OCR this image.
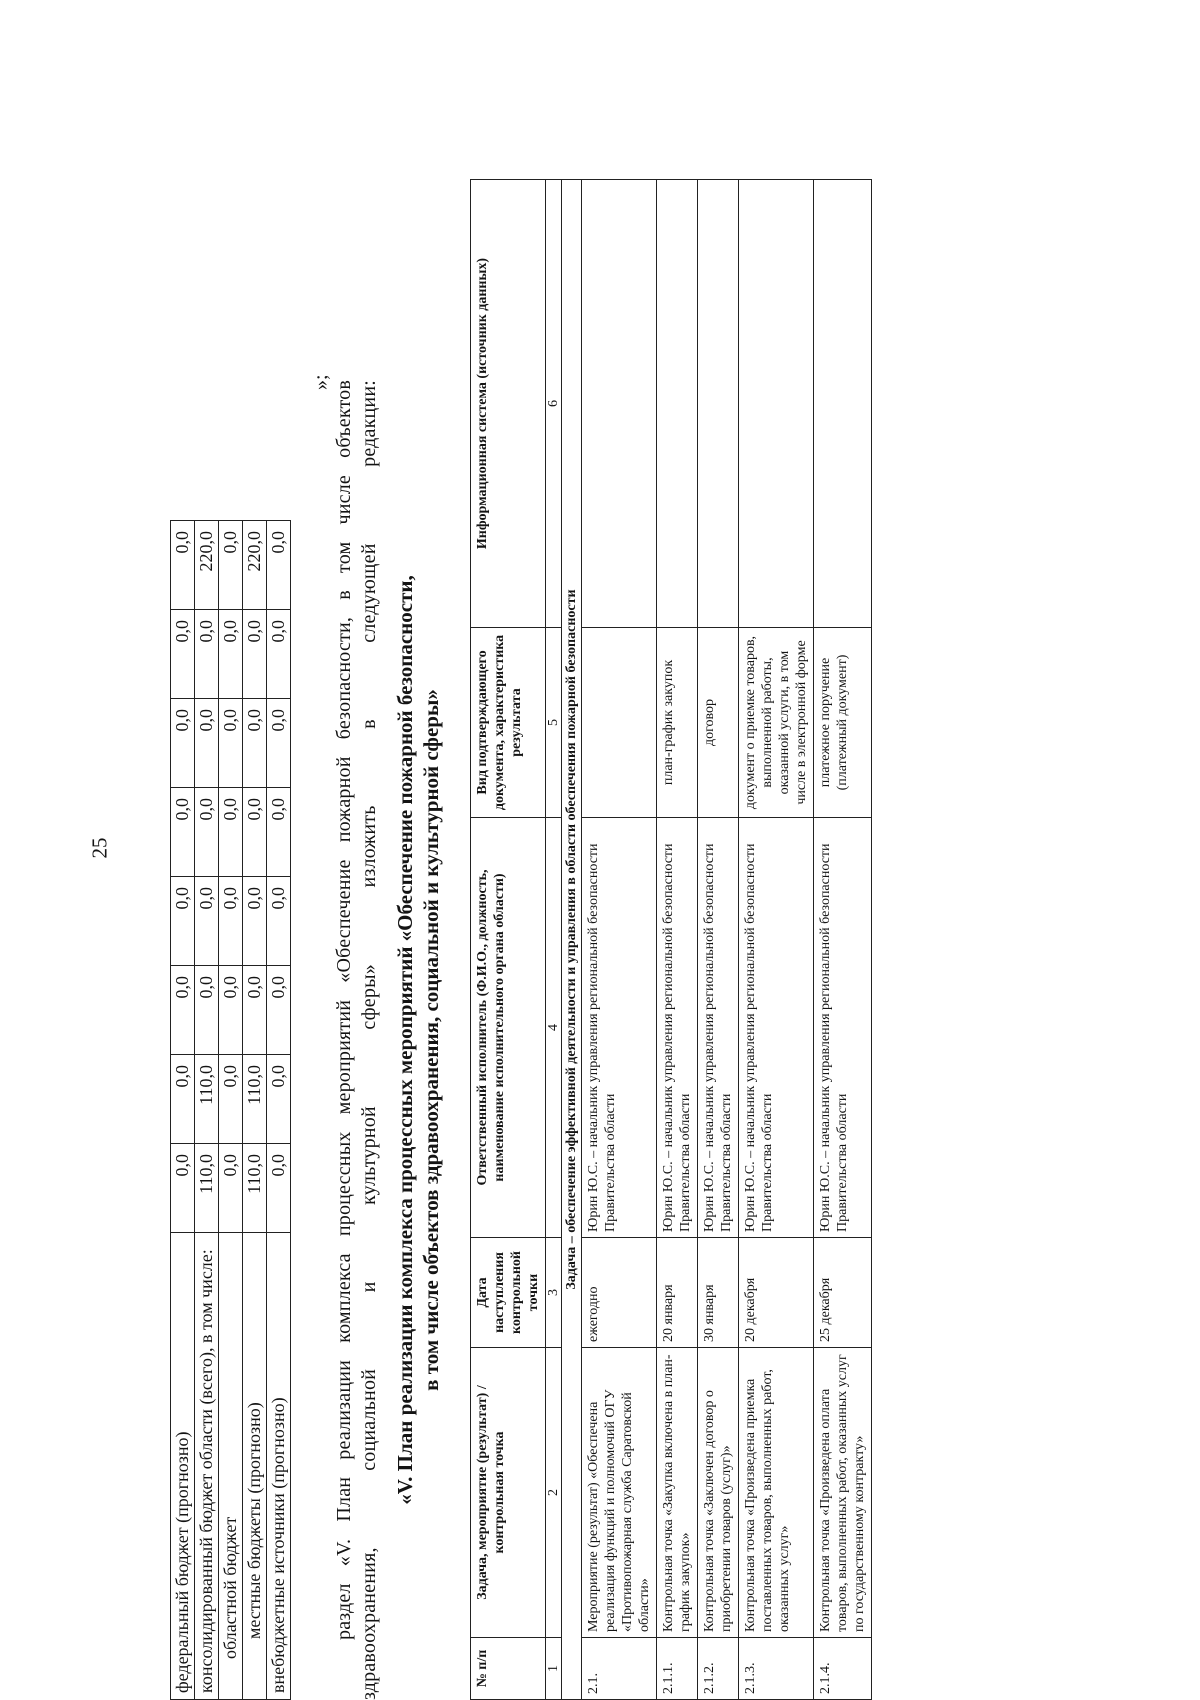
25
федеральный бюджет (прогнозно)	0,0	0,0	0,0	0,0	0,0	0,0	0,0	0,0
консолидированный бюджет области (всего), в том числе:	110,0	110,0	0,0	0,0	0,0	0,0	0,0	220,0
областной бюджет	0,0	0,0	0,0	0,0	0,0	0,0	0,0	0,0
местные бюджеты (прогнозно)	110,0	110,0	0,0	0,0	0,0	0,0	0,0	220,0
внебюджетные источники (прогнозно)	0,0	0,0	0,0	0,0	0,0	0,0	0,0	0,0
»; раздел «V. План реализации комплекса процессных мероприятий «Обеспечение пожарной безопасности, в том числе объектов здравоохранения, социальной и культурной сферы» изложить в следующей редакции: «V. План реализации комплекса процессных мероприятий «Обеспечение пожарной безопасности, в том числе объектов здравоохранения, социальной и культурной сферы»
№ п/п	Задача, мероприятие (результат) / контрольная точка	Дата наступления контрольной точки	Ответственный исполнитель (Ф.И.О., должность, наименование исполнительного органа области)	Вид подтверждающего документа, характеристика результата	Информационная система (источник данных)
1	2	3	4	5	6
Задача – обеспечение эффективной деятельности и управления в области обеспечения пожарной безопасности					
2.1.	Мероприятие (результат) «Обеспечена реализация функций и полномочий ОГУ «Противопожарная служба Саратовской области»	ежегодно	Юрин Ю.С. – начальник управления региональной безопасности Правительства области		
2.1.1.	Контрольная точка «Закупка включена в план-график закупок»	20 января	Юрин Ю.С. – начальник управления региональной безопасности Правительства области	план-график закупок	
2.1.2.	Контрольная точка «Заключен договор о приобретении товаров (услуг)»	30 января	Юрин Ю.С. – начальник управления региональной безопасности Правительства области	договор	
2.1.3.	Контрольная точка «Произведена приемка поставленных товаров, выполненных работ, оказанных услуг»	20 декабря	Юрин Ю.С. – начальник управления региональной безопасности Правительства области	документ о приемке товаров, выполненной работы, оказанной услуги, в том числе в электронной форме	
2.1.4.	Контрольная точка «Произведена оплата товаров, выполненных работ, оказанных услуг по государственному контракту»	25 декабря	Юрин Ю.С. – начальник управления региональной безопасности Правительства области	платежное поручение (платежный документ)	
